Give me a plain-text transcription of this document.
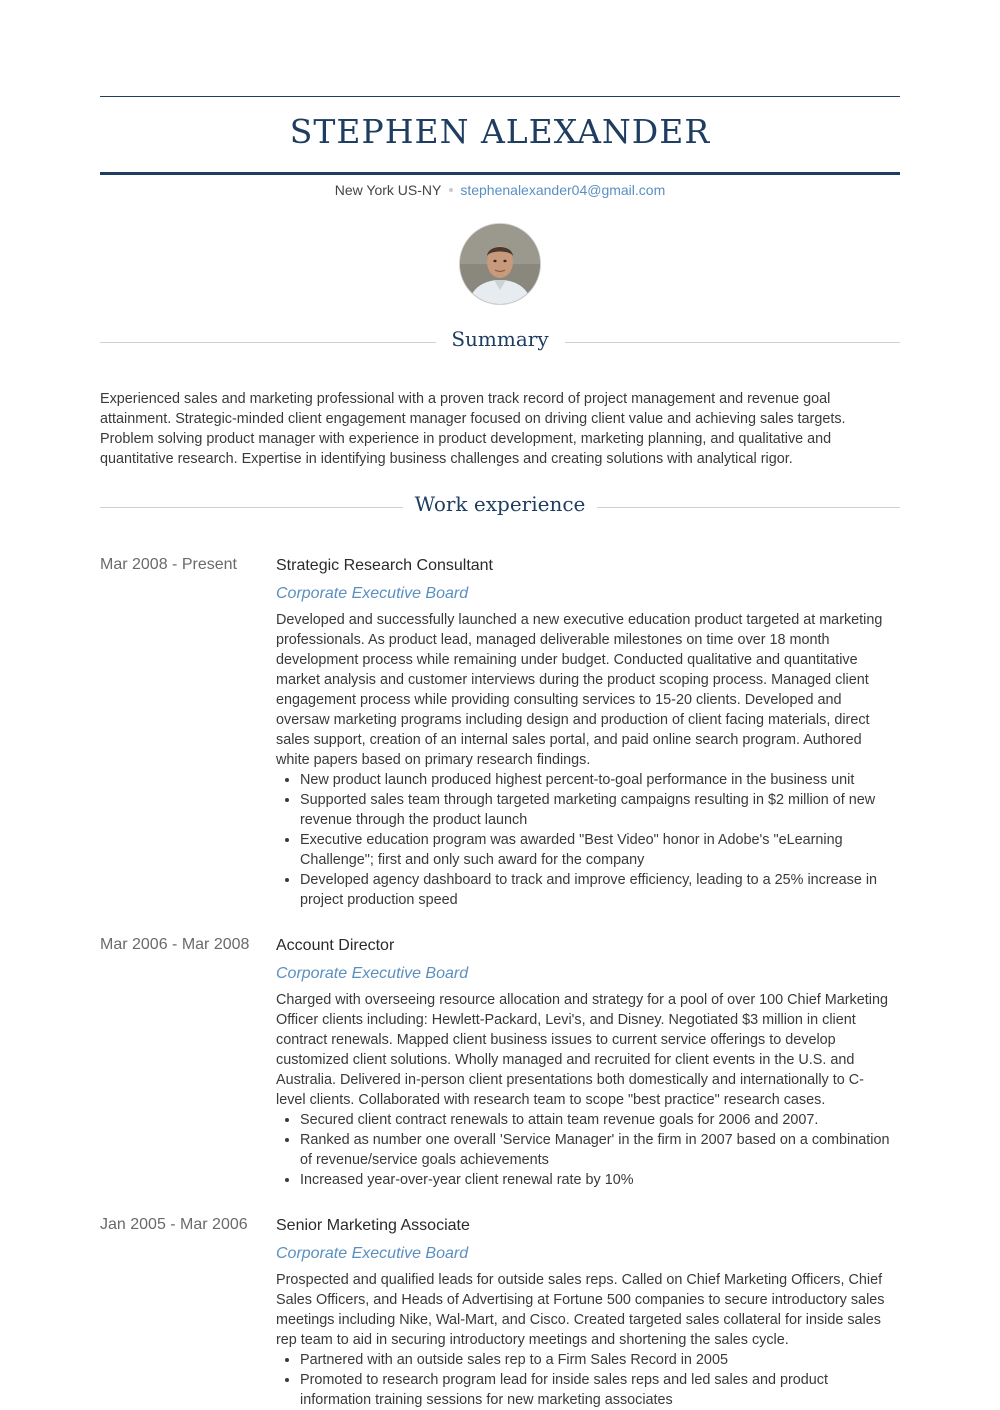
STEPHEN ALEXANDER
New York US-NY stephenalexander04@gmail.com
Summary
Experienced sales and marketing professional with a proven track record of project management and revenue goal attainment. Strategic-minded client engagement manager focused on driving client value and achieving sales targets. Problem solving product manager with experience in product development, marketing planning, and qualitative and quantitative research. Expertise in identifying business challenges and creating solutions with analytical rigor.
Work experience
Mar 2008 - Present Strategic Research Consultant
Corporate Executive Board
Developed and successfully launched a new executive education product targeted at marketing professionals. As product lead, managed deliverable milestones on time over 18 month development process while remaining under budget. Conducted qualitative and quantitative market analysis and customer interviews during the product scoping process. Managed client engagement process while providing consulting services to 15-20 clients. Developed and oversaw marketing programs including design and production of client facing materials, direct sales support, creation of an internal sales portal, and paid online search program. Authored white papers based on primary research findings.
• New product launch produced highest percent-to-goal performance in the business unit
• Supported sales team through targeted marketing campaigns resulting in $2 million of new revenue through the product launch
• Executive education program was awarded "Best Video" honor in Adobe's "eLearning Challenge"; first and only such award for the company
• Developed agency dashboard to track and improve efficiency, leading to a 25% increase in project production speed
Mar 2006 - Mar 2008 Account Director
Corporate Executive Board
Charged with overseeing resource allocation and strategy for a pool of over 100 Chief Marketing Officer clients including: Hewlett-Packard, Levi's, and Disney. Negotiated $3 million in client contract renewals. Mapped client business issues to current service offerings to develop customized client solutions. Wholly managed and recruited for client events in the U.S. and Australia. Delivered in-person client presentations both domestically and internationally to C-level clients. Collaborated with research team to scope "best practice" research cases.
• Secured client contract renewals to attain team revenue goals for 2006 and 2007.
• Ranked as number one overall 'Service Manager' in the firm in 2007 based on a combination of revenue/service goals achievements
• Increased year-over-year client renewal rate by 10%
Jan 2005 - Mar 2006 Senior Marketing Associate
Corporate Executive Board
Prospected and qualified leads for outside sales reps. Called on Chief Marketing Officers, Chief Sales Officers, and Heads of Advertising at Fortune 500 companies to secure introductory sales meetings including Nike, Wal-Mart, and Cisco. Created targeted sales collateral for inside sales rep team to aid in securing introductory meetings and shortening the sales cycle.
• Partnered with an outside sales rep to a Firm Sales Record in 2005
• Promoted to research program lead for inside sales reps and led sales and product information training sessions for new marketing associates
